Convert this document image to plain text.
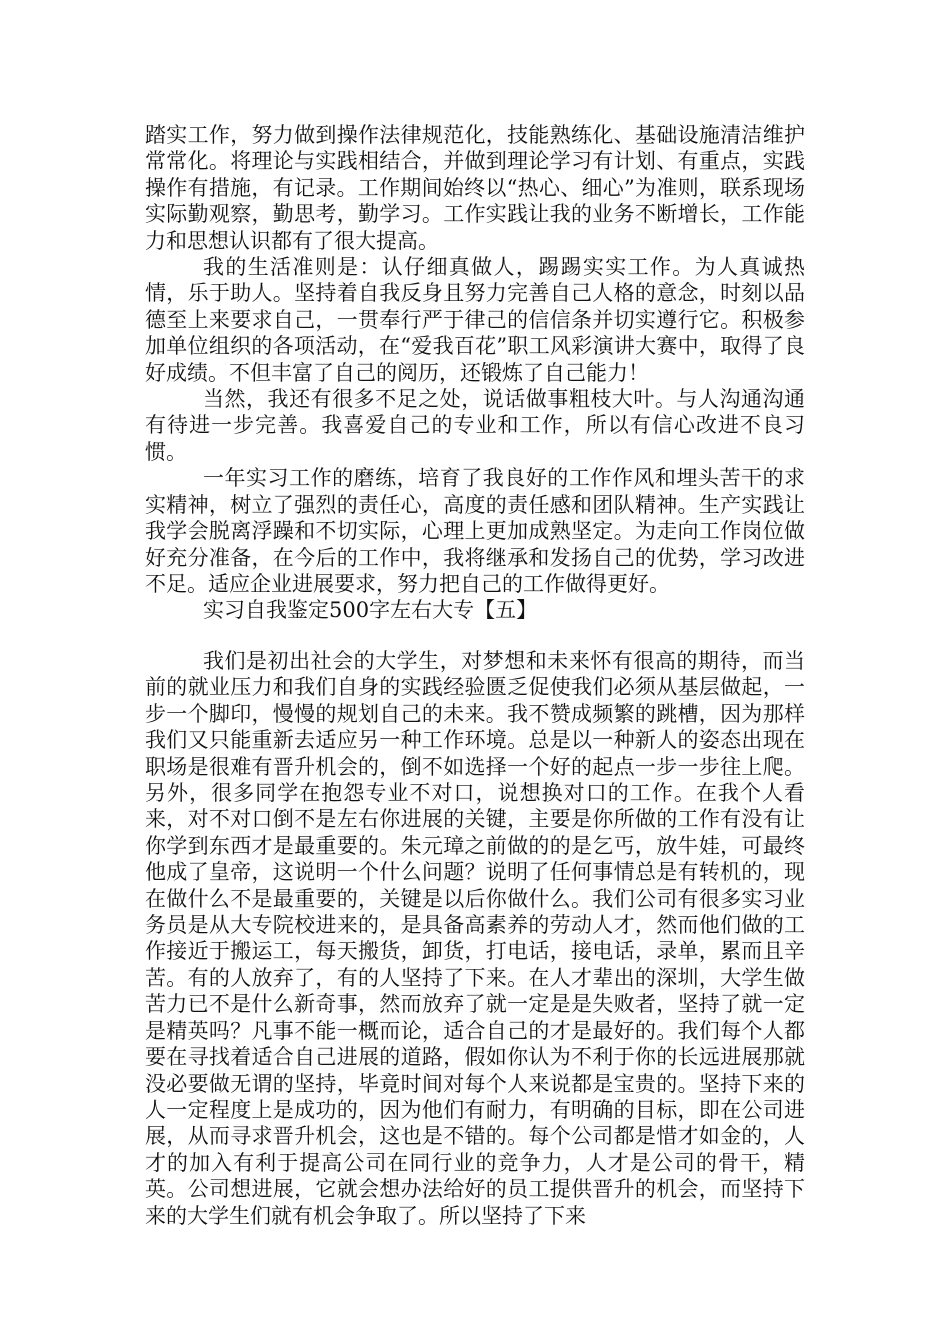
踏实工作，努力做到操作法律规范化，技能熟练化、基础设施清洁维护常常化。将理论与实践相结合，并做到理论学习有计划、有重点，实践操作有措施，有记录。工作期间始终以“热心、细心”为准则，联系现场实际勤观察，勤思考，勤学习。工作实践让我的业务不断增长，工作能力和思想认识都有了很大提高。

我的生活准则是：认仔细真做人，踢踢实实工作。为人真诚热情，乐于助人。坚持着自我反身且努力完善自己人格的意念，时刻以品德至上来要求自己，一贯奉行严于律己的信信条并切实遵行它。积极参加单位组织的各项活动，在“爱我百花”职工风彩演讲大赛中，取得了良好成绩。不但丰富了自己的阅历，还锻炼了自己能力！

当然，我还有很多不足之处，说话做事粗枝大叶。与人沟通沟通有待进一步完善。我喜爱自己的专业和工作，所以有信心改进不良习惯。

一年实习工作的磨练，培育了我良好的工作作风和埋头苦干的求实精神，树立了强烈的责任心，高度的责任感和团队精神。生产实践让我学会脱离浮躁和不切实际，心理上更加成熟坚定。为走向工作岗位做好充分准备，在今后的工作中，我将继承和发扬自己的优势，学习改进不足。适应企业进展要求，努力把自己的工作做得更好。

实习自我鉴定500字左右大专【五】

我们是初出社会的大学生，对梦想和未来怀有很高的期待，而当前的就业压力和我们自身的实践经验匮乏促使我们必须从基层做起，一步一个脚印，慢慢的规划自己的未来。我不赞成频繁的跳槽，因为那样我们又只能重新去适应另一种工作环境。总是以一种新人的姿态出现在职场是很难有晋升机会的，倒不如选择一个好的起点一步一步往上爬。另外，很多同学在抱怨专业不对口，说想换对口的工作。在我个人看来，对不对口倒不是左右你进展的关键，主要是你所做的工作有没有让你学到东西才是最重要的。朱元璋之前做的的是乞丐，放牛娃，可最终他成了皇帝，这说明一个什么问题？说明了任何事情总是有转机的，现在做什么不是最重要的，关键是以后你做什么。我们公司有很多实习业务员是从大专院校进来的，是具备高素养的劳动人才，然而他们做的工作接近于搬运工，每天搬货，卸货，打电话，接电话，录单，累而且辛苦。有的人放弃了，有的人坚持了下来。在人才辈出的深圳，大学生做苦力已不是什么新奇事，然而放弃了就一定是是失败者，坚持了就一定是精英吗？凡事不能一概而论，适合自己的才是最好的。我们每个人都要在寻找着适合自己进展的道路，假如你认为不利于你的长远进展那就没必要做无谓的坚持，毕竟时间对每个人来说都是宝贵的。坚持下来的人一定程度上是成功的，因为他们有耐力，有明确的目标，即在公司进展，从而寻求晋升机会，这也是不错的。每个公司都是惜才如金的，人才的加入有利于提高公司在同行业的竞争力，人才是公司的骨干，精英。公司想进展，它就会想办法给好的员工提供晋升的机会，而坚持下来的大学生们就有机会争取了。所以坚持了下来
